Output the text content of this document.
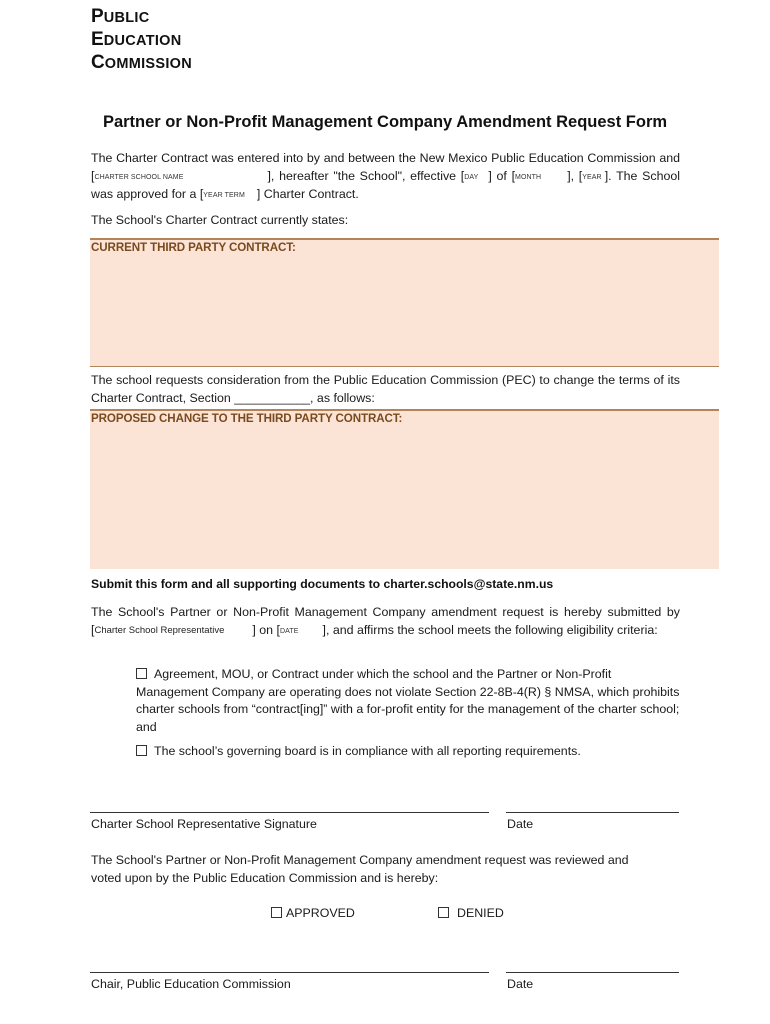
PUBLIC
EDUCATION
COMMISSION
Partner or Non-Profit Management Company Amendment Request Form
The Charter Contract was entered into by and between the New Mexico Public Education Commission and [CHARTER SCHOOL NAME	], hereafter "the School", effective [DAY ] of [MONTH ], [YEAR ]. The School was approved for a [YEAR TERM ] Charter Contract.
The School's Charter Contract currently states:
CURRENT THIRD PARTY CONTRACT:
The school requests consideration from the Public Education Commission (PEC) to change the terms of its Charter Contract, Section ___________, as follows:
PROPOSED CHANGE TO THE THIRD PARTY CONTRACT:
Submit this form and all supporting documents to charter.schools@state.nm.us
The School's Partner or Non-Profit Management Company amendment request is hereby submitted by [Charter School Representative ] on [DATE ], and affirms the school meets the following eligibility criteria:
Agreement, MOU, or Contract under which the school and the Partner or Non-Profit Management Company are operating does not violate Section 22-8B-4(R) § NMSA, which prohibits charter schools from “contract[ing]” with a for-profit entity for the management of the charter school; and
The school’s governing board is in compliance with all reporting requirements.
Charter School Representative Signature	Date
The School's Partner or Non-Profit Management Company amendment request was reviewed and voted upon by the Public Education Commission and is hereby:
APPROVED	DENIED
Chair, Public Education Commission	Date
